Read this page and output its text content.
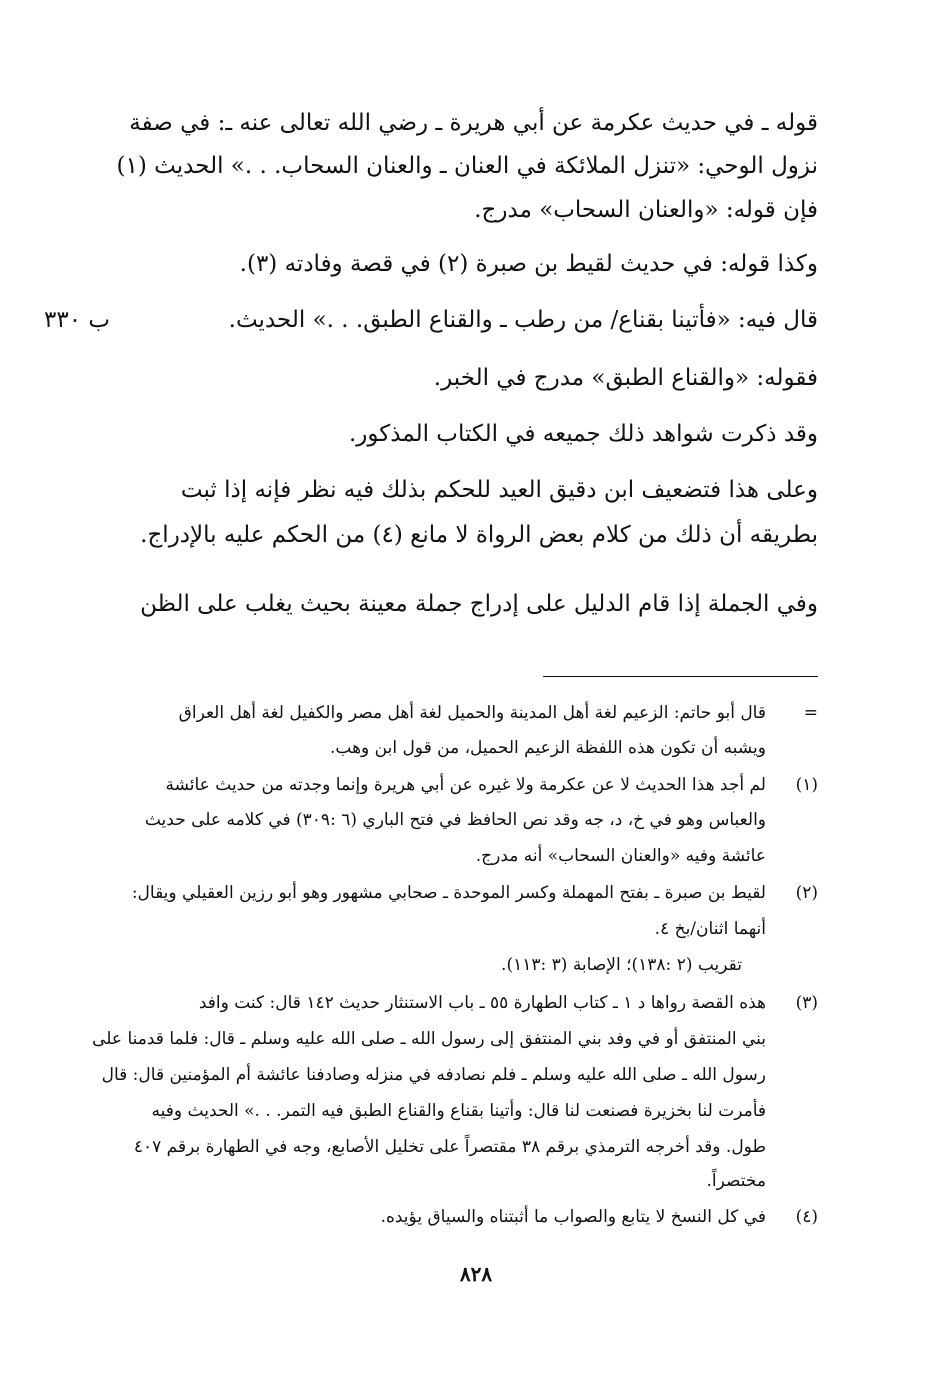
قوله ـ في حديث عكرمة عن أبي هريرة ـ رضي الله تعالى عنه ـ: في صفة
نزول الوحي: «تنزل الملائكة في العنان ـ والعنان السحاب. . .» الحديث (١)
فإن قوله: «والعنان السحاب» مدرج.
وكذا قوله: في حديث لقيط بن صبرة (٢) في قصة وفادته (٣).
قال فيه: «فأتينا بقناع/ من رطب ـ والقناع الطبق. . .» الحديث.
فقوله: «والقناع الطبق» مدرج في الخبر.
وقد ذكرت شواهد ذلك جميعه في الكتاب المذكور.
وعلى هذا فتضعيف ابن دقيق العيد للحكم بذلك فيه نظر فإنه إذا ثبت
بطريقه أن ذلك من كلام بعض الرواة لا مانع (٤) من الحكم عليه بالإدراج.
وفي الجملة إذا قام الدليل على إدراج جملة معينة بحيث يغلب على الظن
ب ٣٣٠
=
قال أبو حاتم: الزعيم لغة أهل المدينة والحميل لغة أهل مصر والكفيل لغة أهل العراق
ويشبه أن تكون هذه اللفظة الزعيم الحميل، من قول ابن وهب.
(١)
لم أجد هذا الحديث لا عن عكرمة ولا غيره عن أبي هريرة وإنما وجدته من حديث عائشة
والعباس وهو في خ، د، جه وقد نص الحافظ في فتح الباري (٦ :٣٠٩) في كلامه على حديث
عائشة وفيه «والعنان السحاب» أنه مدرج.
(٢)
لقيط بن صبرة ـ بفتح المهملة وكسر الموحدة ـ صحابي مشهور وهو أبو رزين العقيلي ويقال:
أنهما اثنان/بخ ٤.
تقريب (٢ :١٣٨)؛ الإصابة (٣ :١١٣).
(٣)
هذه القصة رواها د ١ ـ كتاب الطهارة ٥٥ ـ باب الاستنثار حديث ١٤٢ قال: كنت وافد
بني المنتفق أو في وفد بني المنتفق إلى رسول الله ـ صلى الله عليه وسلم ـ قال: فلما قدمنا على
رسول الله ـ صلى الله عليه وسلم ـ فلم نصادفه في منزله وصادفنا عائشة أم المؤمنين قال: قال
فأمرت لنا بخزيرة فصنعت لنا قال: وأتينا بقناع والقناع الطبق فيه التمر. . .» الحديث وفيه
طول. وقد أخرجه الترمذي برقم ٣٨ مقتصراً على تخليل الأصابع، وجه في الطهارة برقم ٤٠٧
مختصراً.
(٤)
في كل النسخ لا يتابع والصواب ما أثبتناه والسياق يؤيده.
٨٢٨
